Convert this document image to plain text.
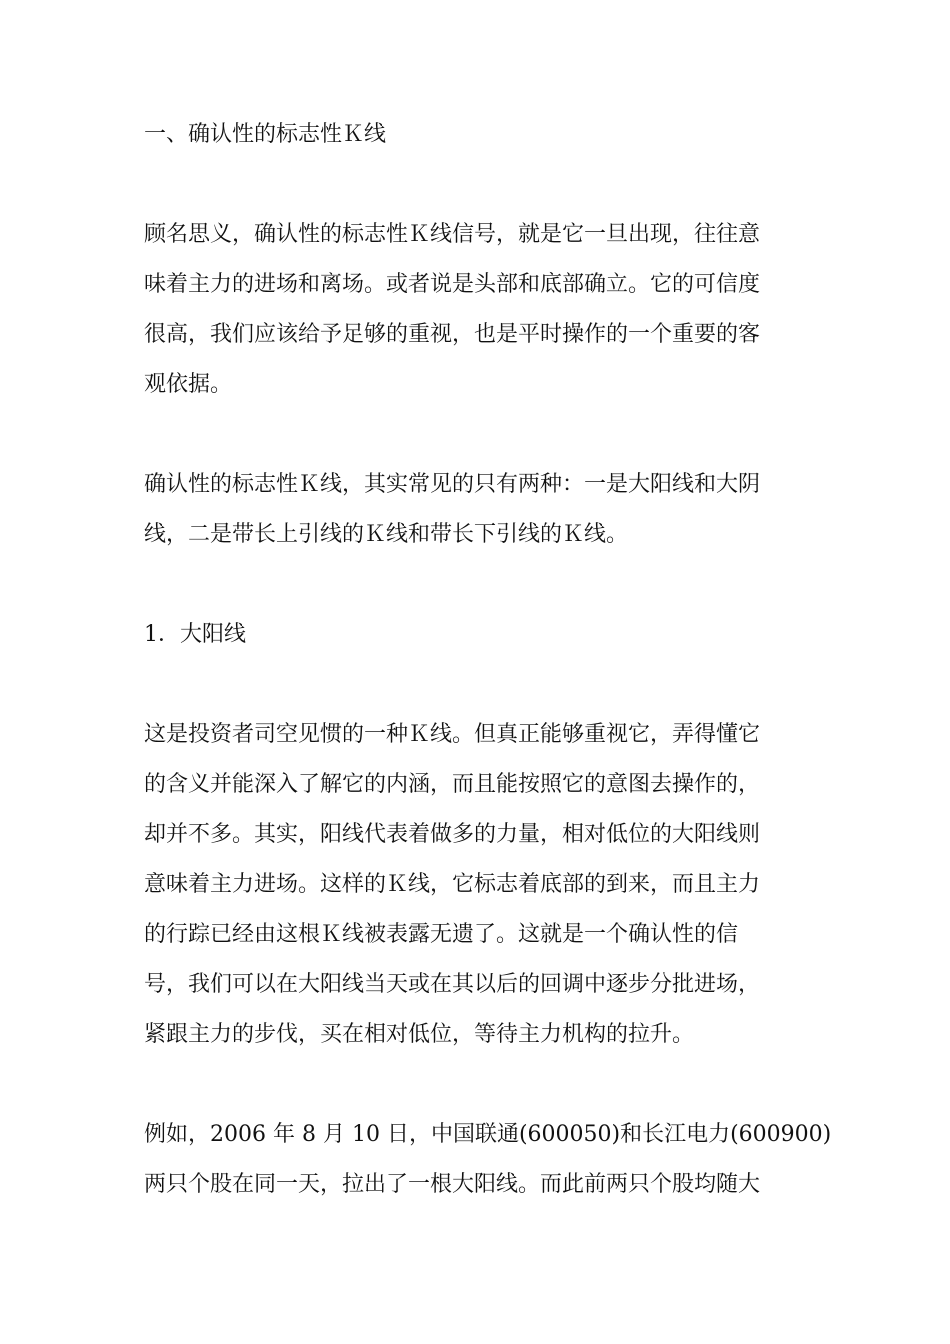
一、确认性的标志性Ｋ线
顾名思义，确认性的标志性Ｋ线信号，就是它一旦出现，往往意
味着主力的进场和离场。或者说是头部和底部确立。它的可信度
很高，我们应该给予足够的重视，也是平时操作的一个重要的客
观依据。
确认性的标志性Ｋ线，其实常见的只有两种：一是大阳线和大阴
线，二是带长上引线的Ｋ线和带长下引线的Ｋ线。
1．大阳线
这是投资者司空见惯的一种Ｋ线。但真正能够重视它，弄得懂它
的含义并能深入了解它的内涵，而且能按照它的意图去操作的，
却并不多。其实，阳线代表着做多的力量，相对低位的大阳线则
意味着主力进场。这样的Ｋ线，它标志着底部的到来，而且主力
的行踪已经由这根Ｋ线被表露无遗了。这就是一个确认性的信
号，我们可以在大阳线当天或在其以后的回调中逐步分批进场，
紧跟主力的步伐，买在相对低位，等待主力机构的拉升。
例如，2006 年 8 月 10 日，中国联通(600050)和长江电力(600900)
两只个股在同一天，拉出了一根大阳线。而此前两只个股均随大
